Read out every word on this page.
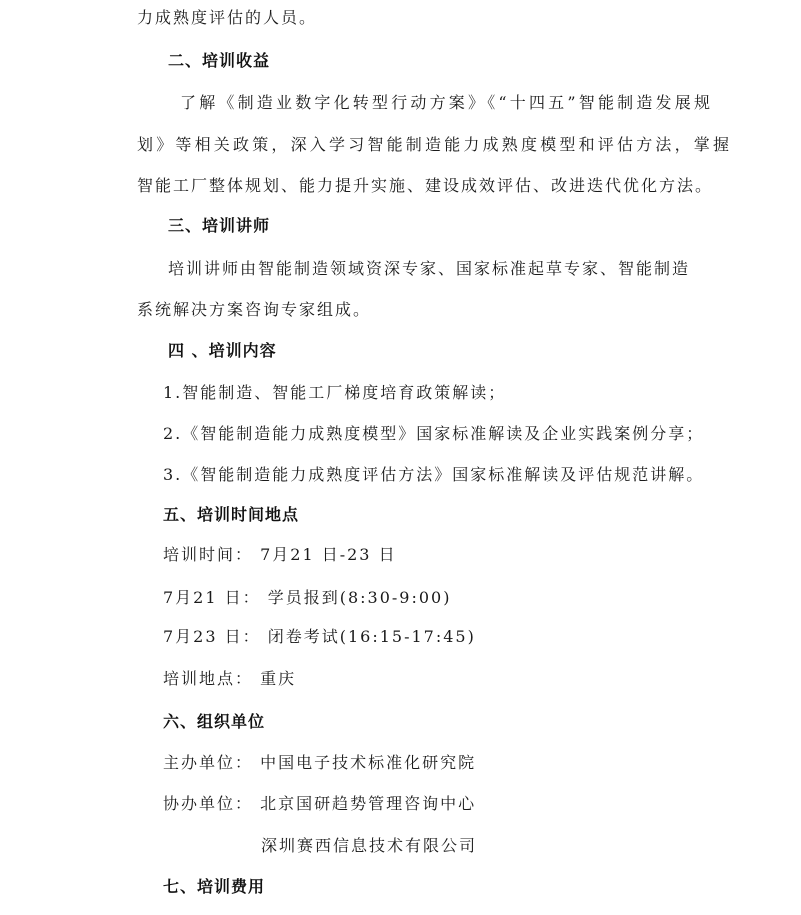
力成熟度评估的人员。
二、培训收益
了解《制造业数字化转型行动方案》《“十四五”智能制造发展规
划》等相关政策，深入学习智能制造能力成熟度模型和评估方法，掌握
智能工厂整体规划、能力提升实施、建设成效评估、改进迭代优化方法。
三、培训讲师
培训讲师由智能制造领域资深专家、国家标准起草专家、智能制造
系统解决方案咨询专家组成。
四 、培训内容
1.智能制造、智能工厂梯度培育政策解读；
2.《智能制造能力成熟度模型》国家标准解读及企业实践案例分享；
3.《智能制造能力成熟度评估方法》国家标准解读及评估规范讲解。
五、培训时间地点
培训时间： 7月21 日-23 日
7月21 日： 学员报到(8:30-9:00)
7月23 日： 闭卷考试(16:15-17:45)
培训地点： 重庆
六、组织单位
主办单位： 中国电子技术标准化研究院
协办单位： 北京国研趋势管理咨询中心
深圳赛西信息技术有限公司
七、培训费用
